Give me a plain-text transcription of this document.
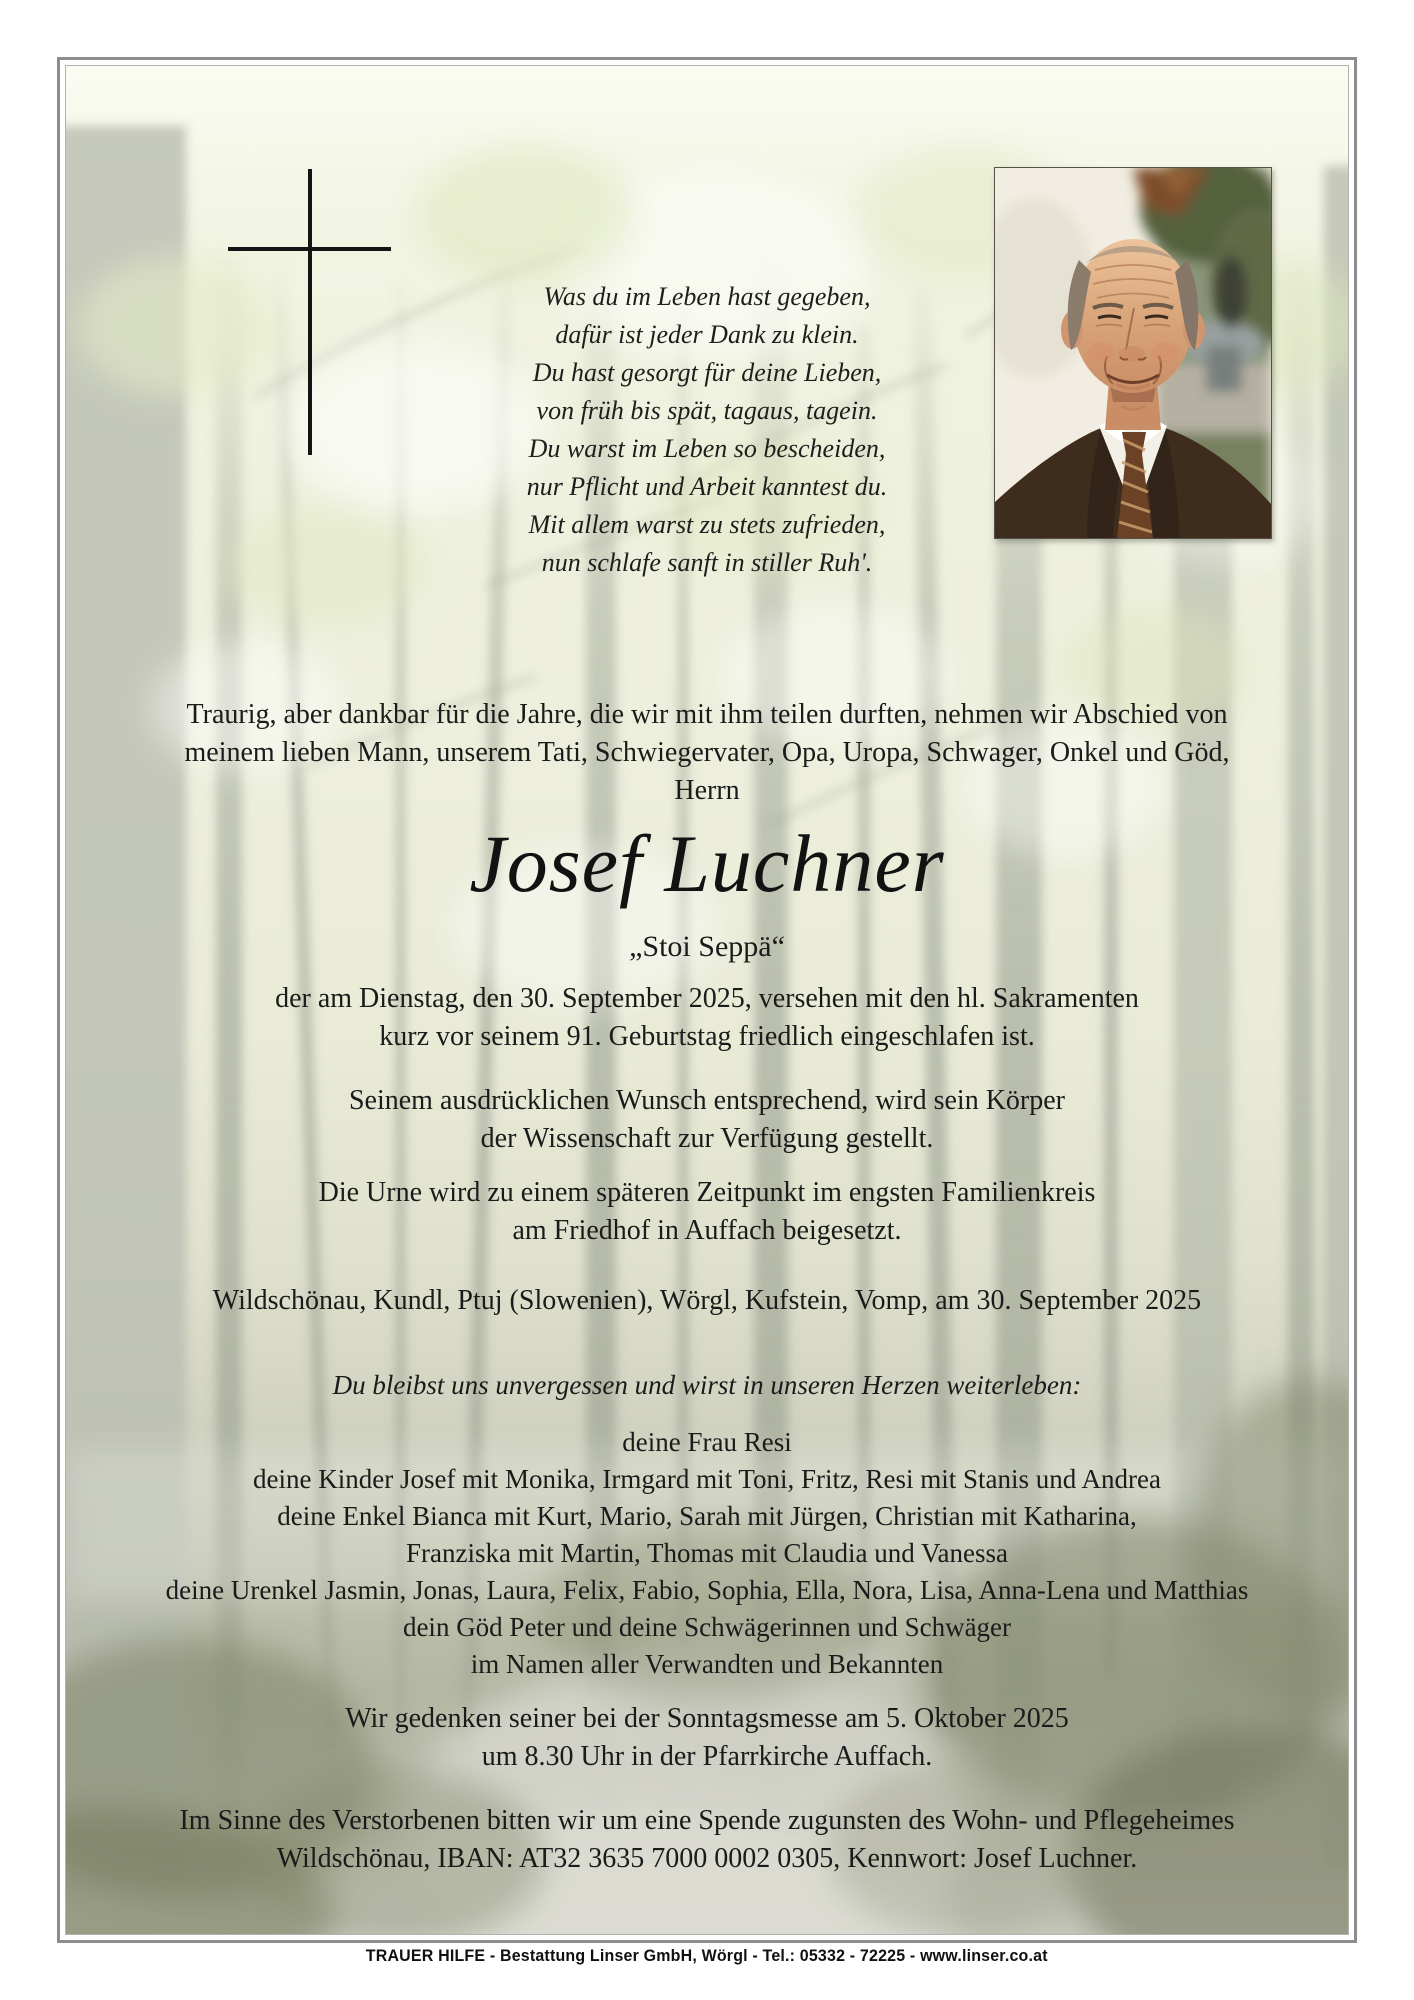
Was du im Leben hast gegeben,
dafür ist jeder Dank zu klein.
Du hast gesorgt für deine Lieben,
von früh bis spät, tagaus, tagein.
Du warst im Leben so bescheiden,
nur Pflicht und Arbeit kanntest du.
Mit allem warst zu stets zufrieden,
nun schlafe sanft in stiller Ruh'.
Traurig, aber dankbar für die Jahre, die wir mit ihm teilen durften, nehmen wir Abschied von
meinem lieben Mann, unserem Tati, Schwiegervater, Opa, Uropa, Schwager, Onkel und Göd,
Herrn
Josef Luchner
„Stoi Seppä“
der am Dienstag, den 30. September 2025, versehen mit den hl. Sakramenten
kurz vor seinem 91. Geburtstag friedlich eingeschlafen ist.
Seinem ausdrücklichen Wunsch entsprechend, wird sein Körper
der Wissenschaft zur Verfügung gestellt.
Die Urne wird zu einem späteren Zeitpunkt im engsten Familienkreis
am Friedhof in Auffach beigesetzt.
Wildschönau, Kundl, Ptuj (Slowenien), Wörgl, Kufstein, Vomp, am 30. September 2025
Du bleibst uns unvergessen und wirst in unseren Herzen weiterleben:
deine Frau Resi
deine Kinder Josef mit Monika, Irmgard mit Toni, Fritz, Resi mit Stanis und Andrea
deine Enkel Bianca mit Kurt, Mario, Sarah mit Jürgen, Christian mit Katharina,
Franziska mit Martin, Thomas mit Claudia und Vanessa
deine Urenkel Jasmin, Jonas, Laura, Felix, Fabio, Sophia, Ella, Nora, Lisa, Anna-Lena und Matthias
dein Göd Peter und deine Schwägerinnen und Schwäger
im Namen aller Verwandten und Bekannten
Wir gedenken seiner bei der Sonntagsmesse am 5. Oktober 2025
um 8.30 Uhr in der Pfarrkirche Auffach.
Im Sinne des Verstorbenen bitten wir um eine Spende zugunsten des Wohn- und Pflegeheimes
Wildschönau, IBAN: AT32 3635 7000 0002 0305, Kennwort: Josef Luchner.
TRAUER HILFE - Bestattung Linser GmbH, Wörgl - Tel.: 05332 - 72225 - www.linser.co.at
